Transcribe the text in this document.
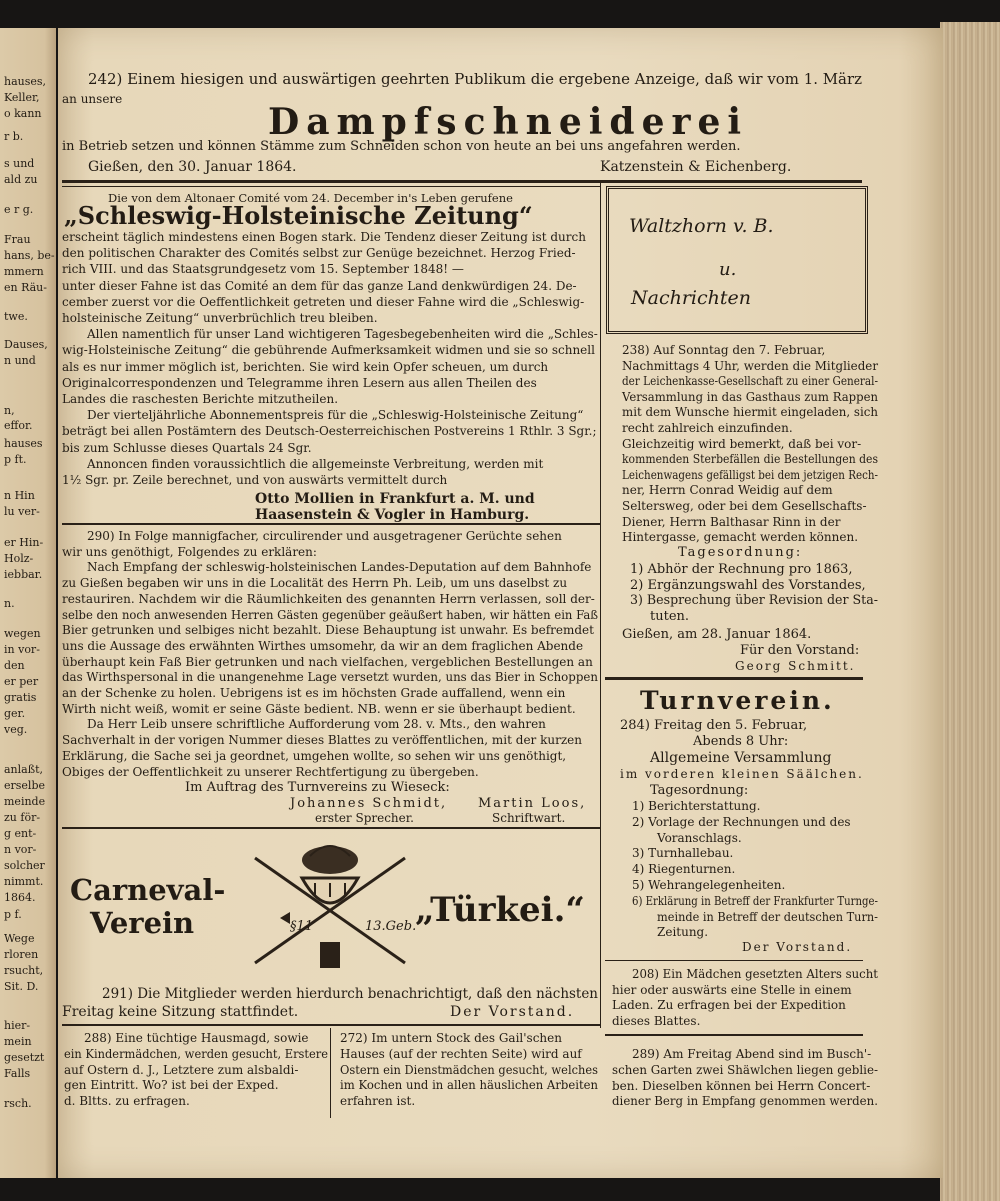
hauses,
Keller,
o kann
r b.
s und
ald zu
e r g.
Frau
hans, be-
mmern
en Räu-
twe.
Dauses,
n und
n,
effor.
hauses
p ft.
n Hin
lu ver-
er Hin-
Holz-
iebbar.
n.
wegen
in vor-
den
er per
gratis
ger.
veg.
anlaßt,
erselbe
meinde
zu för-
g ent-
n vor-
solcher
nimmt.
1864.
p f.
Wege
rloren
rsucht,
Sit. D.
hier-
mein
gesetzt
Falls
rsch.
242) Einem hiesigen und auswärtigen geehrten Publikum die ergebene Anzeige, daß wir vom 1. März
an unsere
Dampfschneiderei
in Betrieb setzen und können Stämme zum Schneiden schon von heute an bei uns angefahren werden.
Gießen, den 30. Januar 1864.	Katzenstein & Eichenberg.
Die von dem Altonaer Comité vom 24. December in's Leben gerufene
„Schleswig-Holsteinische Zeitung“
erscheint täglich mindestens einen Bogen stark. Die Tendenz dieser Zeitung ist durch
den politischen Charakter des Comités selbst zur Genüge bezeichnet. Herzog Fried-
rich VIII. und das Staatsgrundgesetz vom 15. September 1848! —
unter dieser Fahne ist das Comité an dem für das ganze Land denkwürdigen 24. De-
cember zuerst vor die Oeffentlichkeit getreten und dieser Fahne wird die „Schleswig-
holsteinische Zeitung“ unverbrüchlich treu bleiben.
Allen namentlich für unser Land wichtigeren Tagesbegebenheiten wird die „Schles-
wig-Holsteinische Zeitung“ die gebührende Aufmerksamkeit widmen und sie so schnell
als es nur immer möglich ist, berichten. Sie wird kein Opfer scheuen, um durch
Originalcorrespondenzen und Telegramme ihren Lesern aus allen Theilen des
Landes die raschesten Berichte mitzutheilen.
Der vierteljährliche Abonnementspreis für die „Schleswig-Holsteinische Zeitung“
beträgt bei allen Postämtern des Deutsch-Oesterreichischen Postvereins 1 Rthlr. 3 Sgr.;
bis zum Schlusse dieses Quartals 24 Sgr.
Annoncen finden voraussichtlich die allgemeinste Verbreitung, werden mit
1½ Sgr. pr. Zeile berechnet, und von auswärts vermittelt durch
Otto Mollien in Frankfurt a. M. und
Haasenstein & Vogler in Hamburg.
Waltzhorn v. B.
u.
Nachrichten
238) Auf Sonntag den 7. Februar,
Nachmittags 4 Uhr, werden die Mitglieder
der Leichenkasse-Gesellschaft zu einer General-
Versammlung in das Gasthaus zum Rappen
mit dem Wunsche hiermit eingeladen, sich
recht zahlreich einzufinden.
Gleichzeitig wird bemerkt, daß bei vor-
kommenden Sterbefällen die Bestellungen des
Leichenwagens gefälligst bei dem jetzigen Rech-
ner, Herrn Conrad Weidig auf dem
Seltersweg, oder bei dem Gesellschafts-
Diener, Herrn Balthasar Rinn in der
Hintergasse, gemacht werden können.
Tagesordnung:
1) Abhör der Rechnung pro 1863,
2) Ergänzungswahl des Vorstandes,
3) Besprechung über Revision der Sta-
tuten.
Gießen, am 28. Januar 1864.
Für den Vorstand:
Georg Schmitt.
290) In Folge mannigfacher, circulirender und ausgetragener Gerüchte sehen
wir uns genöthigt, Folgendes zu erklären:
Nach Empfang der schleswig-holsteinischen Landes-Deputation auf dem Bahnhofe
zu Gießen begaben wir uns in die Localität des Herrn Ph. Leib, um uns daselbst zu
restauriren. Nachdem wir die Räumlichkeiten des genannten Herrn verlassen, soll der-
selbe den noch anwesenden Herren Gästen gegenüber geäußert haben, wir hätten ein Faß
Bier getrunken und selbiges nicht bezahlt. Diese Behauptung ist unwahr. Es befremdet
uns die Aussage des erwähnten Wirthes umsomehr, da wir an dem fraglichen Abende
überhaupt kein Faß Bier getrunken und nach vielfachen, vergeblichen Bestellungen an
das Wirthspersonal in die unangenehme Lage versetzt wurden, uns das Bier in Schoppen
an der Schenke zu holen. Uebrigens ist es im höchsten Grade auffallend, wenn ein
Wirth nicht weiß, womit er seine Gäste bedient. NB. wenn er sie überhaupt bedient.
Da Herr Leib unsere schriftliche Aufforderung vom 28. v. Mts., den wahren
Sachverhalt in der vorigen Nummer dieses Blattes zu veröffentlichen, mit der kurzen
Erklärung, die Sache sei ja geordnet, umgehen wollte, so sehen wir uns genöthigt,
Obiges der Oeffentlichkeit zu unserer Rechtfertigung zu übergeben.
Im Auftrag des Turnvereins zu Wieseck:
Johannes Schmidt,
erster Sprecher.
Martin Loos,
Schriftwart.
Carneval-
Verein	§11	13.Geb.
„Türkei.“
291) Die Mitglieder werden hierdurch benachrichtigt, daß den nächsten
Freitag keine Sitzung stattfindet.	Der Vorstand.
Turnverein.
284) Freitag den 5. Februar,
Abends 8 Uhr:
Allgemeine Versammlung
im vorderen kleinen Säälchen.
Tagesordnung:
1) Berichterstattung.
2) Vorlage der Rechnungen und des
Voranschlags.
3) Turnhallebau.
4) Riegenturnen.
5) Wehrangelegenheiten.
6) Erklärung in Betreff der Frankfurter Turnge-
meinde in Betreff der deutschen Turn-
Zeitung.
Der Vorstand.
208) Ein Mädchen gesetzten Alters sucht
hier oder auswärts eine Stelle in einem
Laden. Zu erfragen bei der Expedition
dieses Blattes.
288) Eine tüchtige Hausmagd, sowie
ein Kindermädchen, werden gesucht, Erstere
auf Ostern d. J., Letztere zum alsbaldi-
gen Eintritt. Wo? ist bei der Exped.
d. Bltts. zu erfragen.
272) Im untern Stock des Gail'schen
Hauses (auf der rechten Seite) wird auf
Ostern ein Dienstmädchen gesucht, welches
im Kochen und in allen häuslichen Arbeiten
erfahren ist.
289) Am Freitag Abend sind im Busch'-
schen Garten zwei Shäwlchen liegen geblie-
ben. Dieselben können bei Herrn Concert-
diener Berg in Empfang genommen werden.
